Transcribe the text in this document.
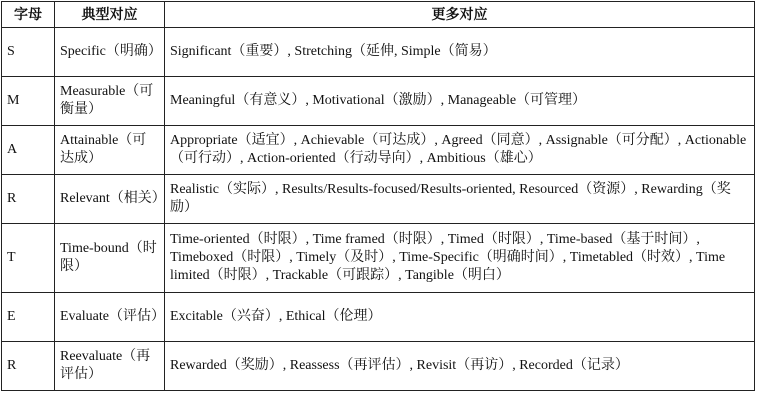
字母	典型对应	更多对应
S	Specific（明确）	Significant（重要）, Stretching（延伸, Simple（简易）
M	Measurable（可衡量）	Meaningful（有意义）, Motivational（激励）, Manageable（可管理）
A	Attainable（可达成）	Appropriate（适宜）, Achievable（可达成）, Agreed（同意）, Assignable（可分配）, Actionable（可行动）, Action-oriented（行动导向）, Ambitious（雄心）
R	Relevant（相关）	Realistic（实际）, Results/Results-focused/Results-oriented, Resourced（资源）, Rewarding（奖励）
T	Time-bound（时限）	Time-oriented（时限）, Time framed（时限）, Timed（时限）, Time-based（基于时间）, Timeboxed（时限）, Timely（及时）, Time-Specific（明确时间）, Timetabled（时效）, Time limited（时限）, Trackable（可跟踪）, Tangible（明白）
E	Evaluate（评估）	Excitable（兴奋）, Ethical（伦理）
R	Reevaluate（再评估）	Rewarded（奖励）, Reassess（再评估）, Revisit（再访）, Recorded（记录）
